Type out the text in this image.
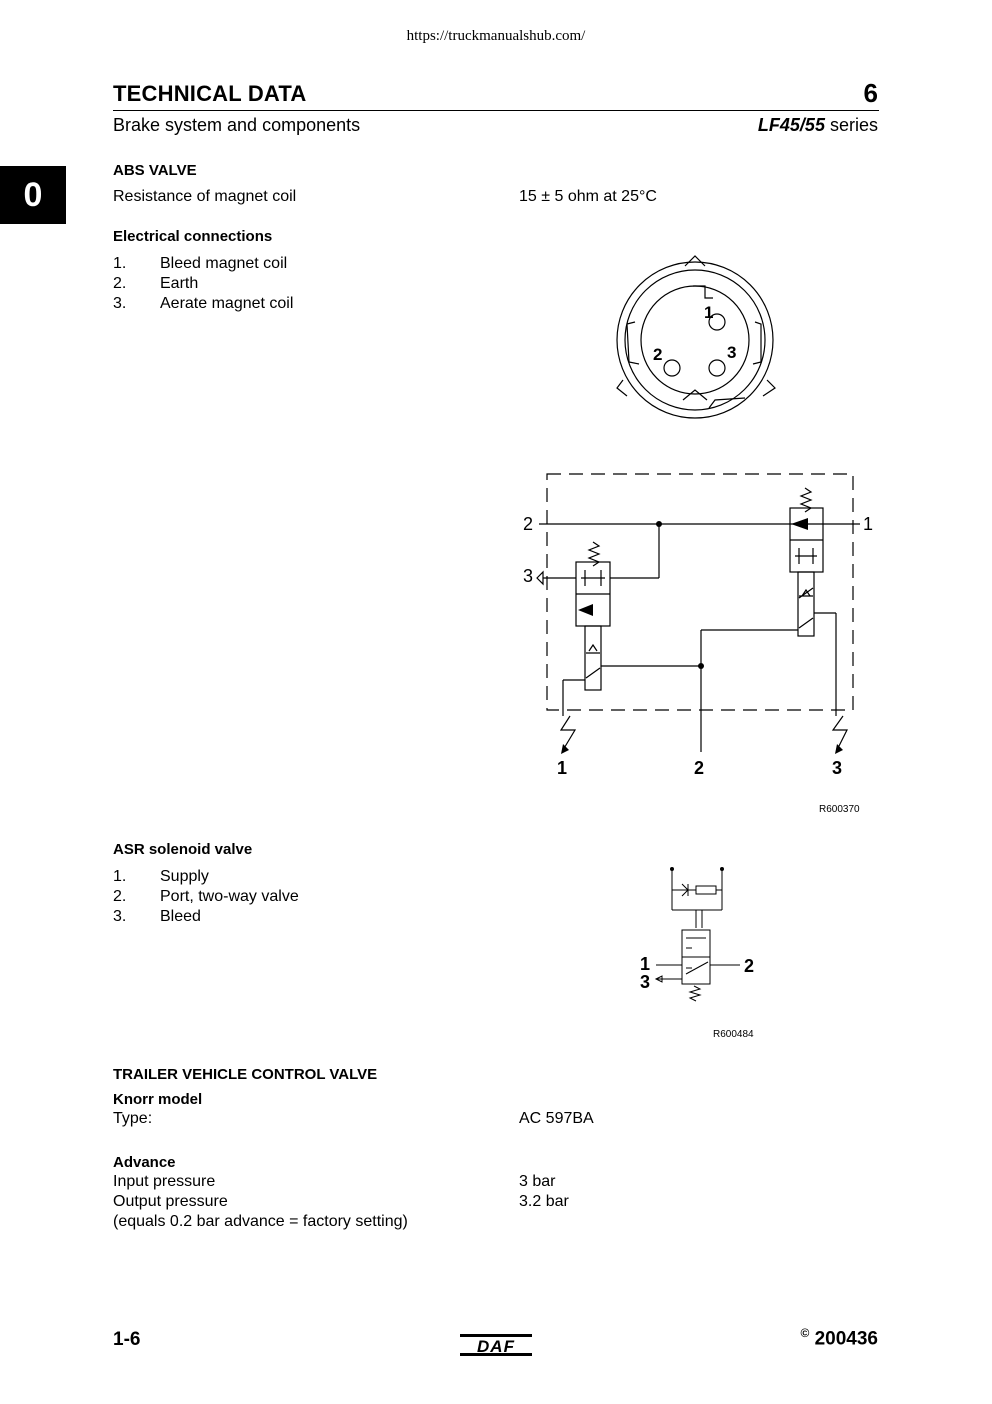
https://truckmanualshub.com/
TECHNICAL DATA	6
Brake system and components	LF45/55 series
0
ABS VALVE
Resistance of magnet coil	15 ± 5 ohm at 25°C
Electrical connections
1. Bleed magnet coil
2. Earth
3. Aerate magnet coil	1
2	3
2
3
1
1	2	3
R600370
ASR solenoid valve
1. Supply
2. Port, two-way valve
3. Bleed
1
3
2
R600484
TRAILER VEHICLE CONTROL VALVE
Knorr model
Type:	AC 597BA
Advance
Input pressure	3 bar
Output pressure	3.2 bar
(equals 0.2 bar advance = factory setting)
1-6	DAF
© 200436
